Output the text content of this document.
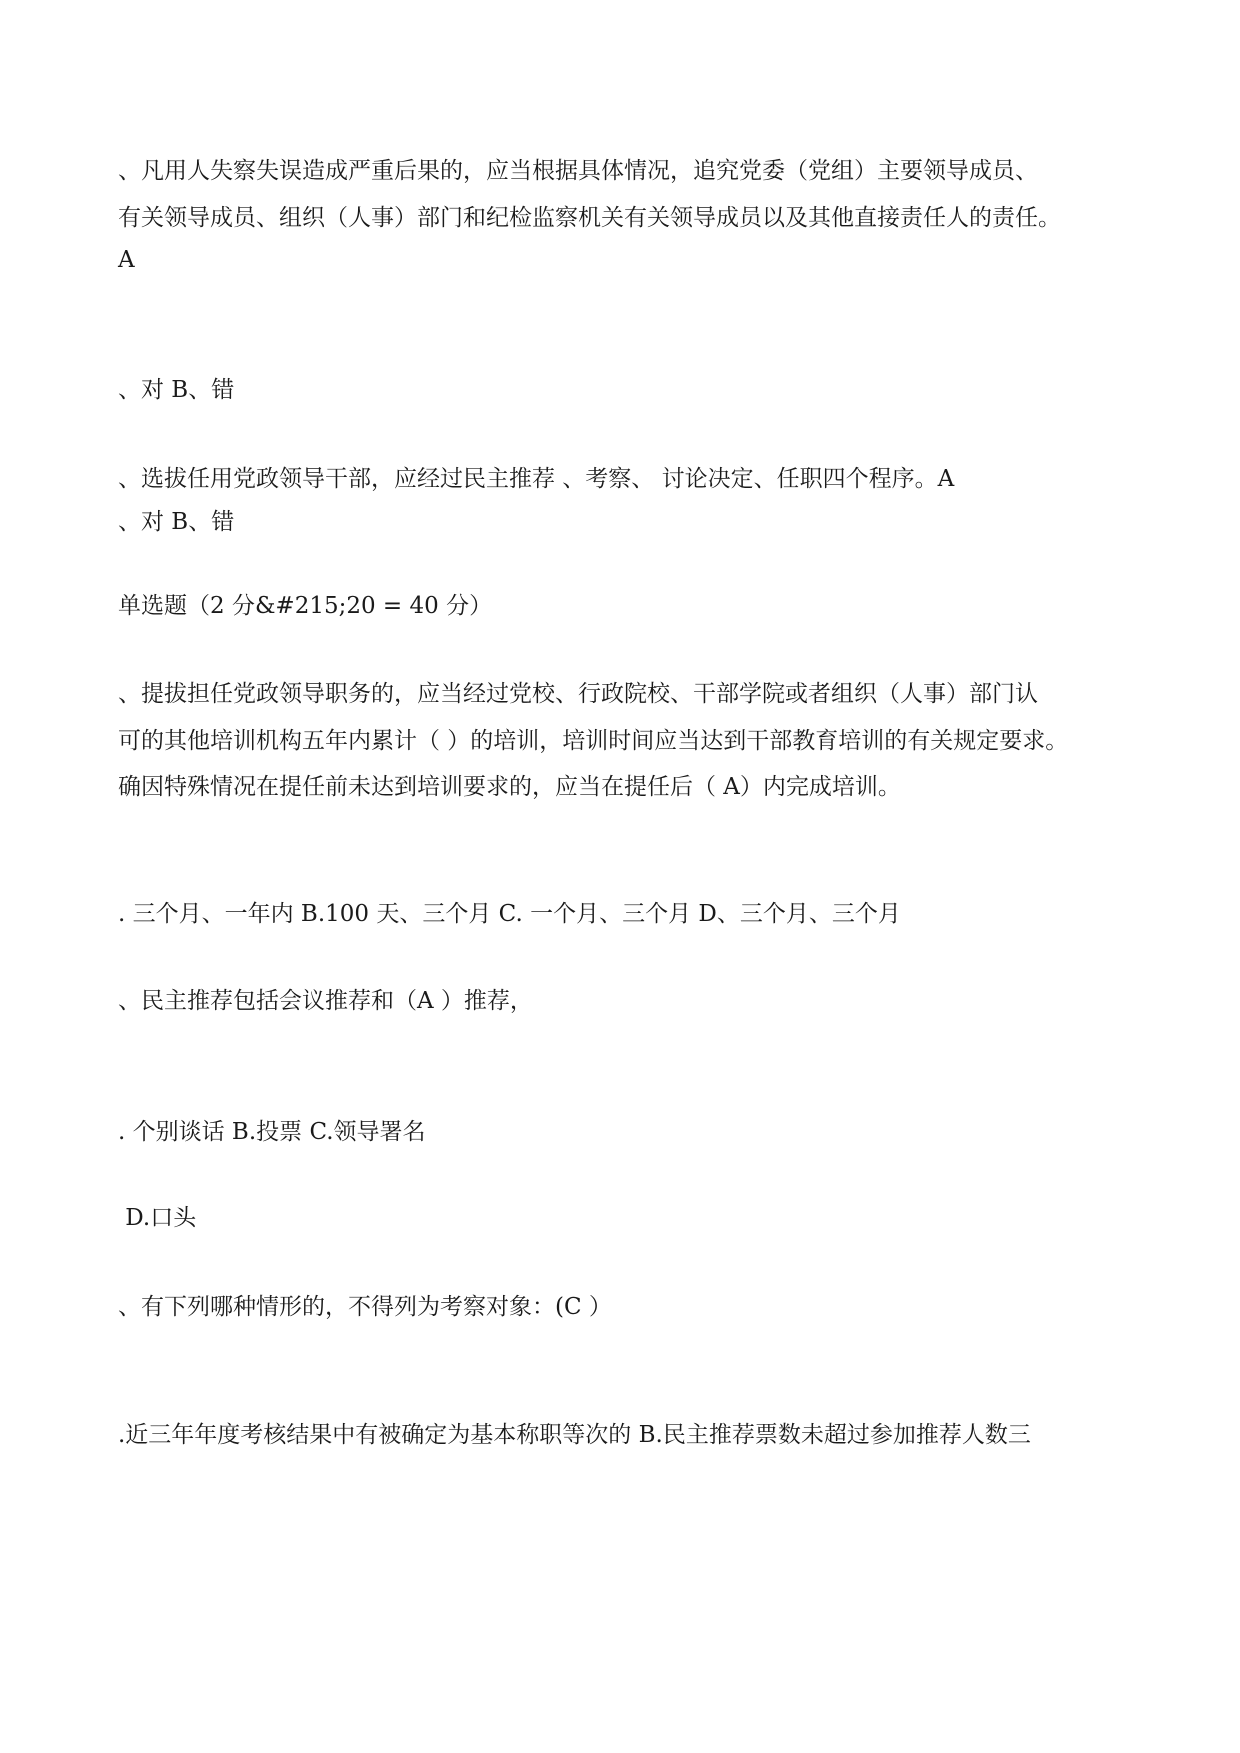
、凡用人失察失误造成严重后果的，应当根据具体情况，追究党委（党组）主要领导成员、

有关领导成员、组织（人事）部门和纪检监察机关有关领导成员以及其他直接责任人的责任。

A

、对 B、错

、选拔任用党政领导干部，应经过民主推荐 、考察、 讨论决定、任职四个程序。A

、对 B、错

单选题（2 分&#215;20 = 40 分）

、提拔担任党政领导职务的，应当经过党校、行政院校、干部学院或者组织（人事）部门认

可的其他培训机构五年内累计（ ）的培训，培训时间应当达到干部教育培训的有关规定要求。

确因特殊情况在提任前未达到培训要求的，应当在提任后（ A）内完成培训。

. 三个月、一年内 B.100 天、三个月 C. 一个月、三个月 D、三个月、三个月

、民主推荐包括会议推荐和（A ）推荐，

. 个别谈话 B.投票 C.领导署名

D.口头

、有下列哪种情形的，不得列为考察对象：(C ）

.近三年年度考核结果中有被确定为基本称职等次的 B.民主推荐票数未超过参加推荐人数三
